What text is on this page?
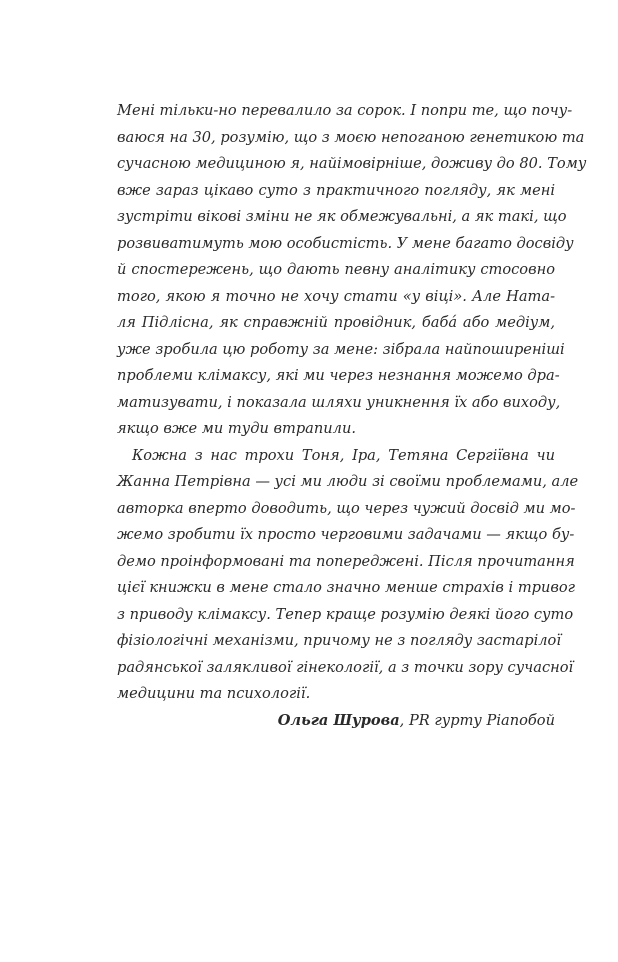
Мені тільки-но перевалило за сорок. І попри те, що почу-
ваюся на 30, розумію, що з моєю непоганою генетикою та
сучасною медициною я, найімовірніше, доживу до 80. Тому
вже зараз цікаво суто з практичного погляду, як мені
зустріти вікові зміни не як обмежувальні, а як такі, що
розвиватимуть мою особистість. У мене багато досвіду
й спостережень, що дають певну аналітику стосовно
того, якою я точно не хочу стати «у віці». Але Ната-
ля Підлісна, як справжній провідник, бабá або медіум,
уже зробила цю роботу за мене: зібрала найпоширеніші
проблеми клімаксу, які ми через незнання можемо дра-
матизувати, і показала шляхи уникнення їх або виходу,
якщо вже ми туди втрапили.
Кожна з нас трохи Тоня, Іра, Тетяна Сергіївна чи
Жанна Петрівна — усі ми люди зі своїми проблемами, але
авторка вперто доводить, що через чужий досвід ми мо-
жемо зробити їх просто черговими задачами — якщо бу-
демо проінформовані та попереджені. Після прочитання
цієї книжки в мене стало значно менше страхів і тривог
з приводу клімаксу. Тепер краще розумію деякі його суто
фізіологічні механізми, причому не з погляду застарілої
радянської залякливої гінекології, а з точки зору сучасної
медицини та психології.
Ольга Шурова, PR гурту Ріапобой
